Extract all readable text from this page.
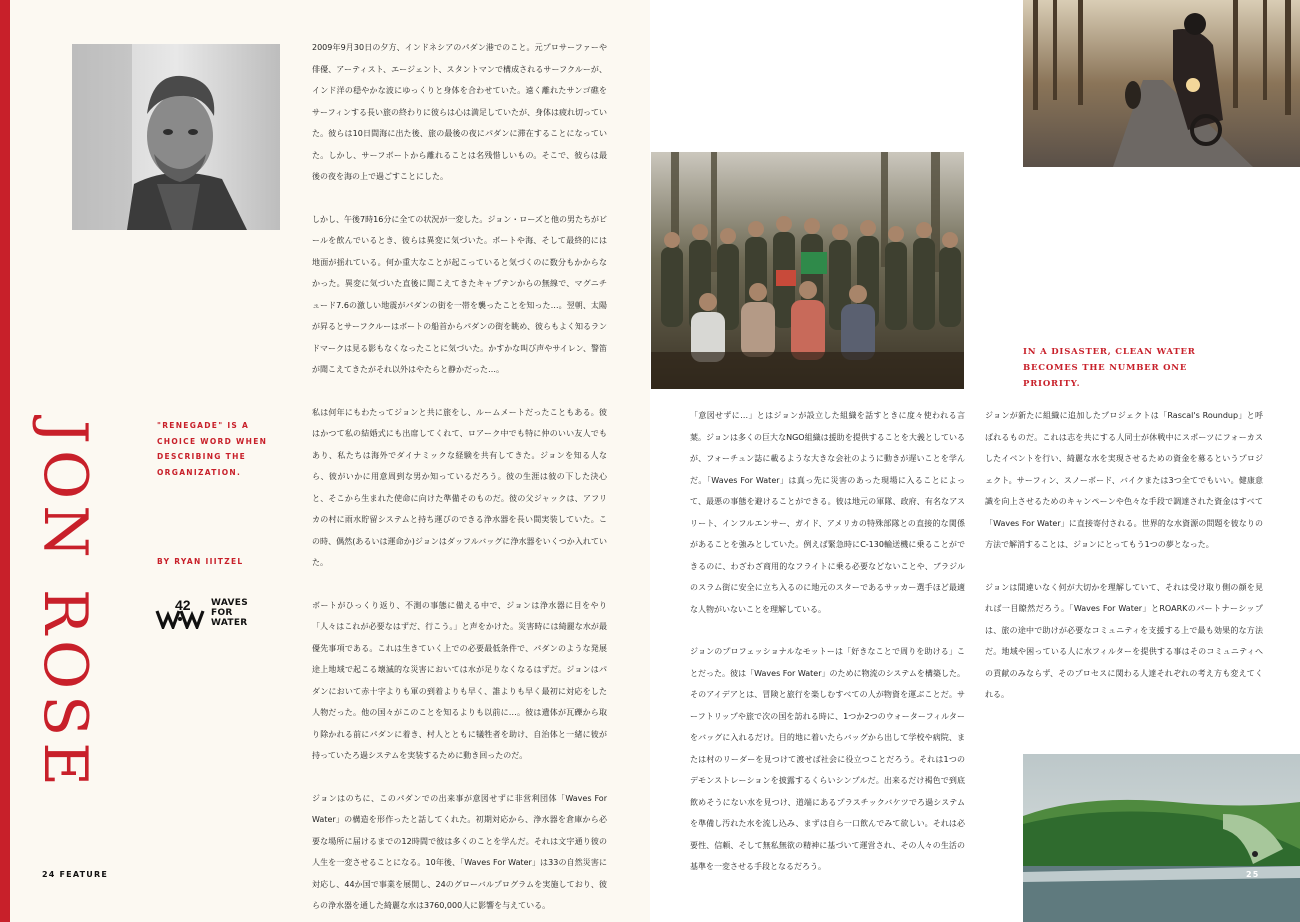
JON ROSE	"RENEGADE" IS A CHOICE WORD WHEN DESCRIBING THE ORGANIZATION.
BY RYAN IIITZEL
42 WAVES
FOR
WATER
24 FEATURE

2009年9月30日の夕方、インドネシアのパダン港でのこと。元プロサーファーや俳優、アーティスト、エージェント、スタントマンで構成されるサーフクルーが、インド洋の穏やかな波にゆっくりと身体を合わせていた。遠く離れたサンゴ礁をサーフィンする長い旅の終わりに彼らは心は満足していたが、身体は疲れ切っていた。彼らは10日間海に出た後、旅の最後の夜にパダンに滞在することになっていた。しかし、サーフボートから離れることは名残惜しいもの。そこで、彼らは最後の夜を海の上で過ごすことにした。

しかし、午後7時16分に全ての状況が一変した。ジョン・ローズと他の男たちがビールを飲んでいるとき、彼らは異変に気づいた。ボートや海、そして最終的には地面が揺れている。何か重大なことが起こっていると気づくのに数分もかからなかった。異変に気づいた直後に聞こえてきたキャプテンからの無線で、マグニチュード7.6の激しい地震がパダンの街を一帯を襲ったことを知った…。翌朝、太陽が昇るとサーフクルーはボートの船首からパダンの街を眺め、彼らもよく知るランドマークは見る影もなくなったことに気づいた。かすかな叫び声やサイレン、警笛が聞こえてきたがそれ以外はやたらと静かだった…。

私は何年にもわたってジョンと共に旅をし、ルームメートだったこともある。彼はかつて私の結婚式にも出席してくれて、ロアーク中でも特に仲のいい友人でもあり、私たちは海外でダイナミックな経験を共有してきた。ジョンを知る人なら、彼がいかに用意周到な男か知っているだろう。彼の生涯は彼の下した決心と、そこから生まれた使命に向けた準備そのものだ。彼の父ジャックは、アフリカの村に雨水貯留システムと持ち運びのできる浄水器を長い間実装していた。この時、偶然(あるいは運命か)ジョンはダッフルバッグに浄水器をいくつか入れていた。

ボートがひっくり返り、不測の事態に備える中で、ジョンは浄水器に目をやり「人々はこれが必要なはずだ、行こう。」と声をかけた。災害時には綺麗な水が最優先事項である。これは生きていく上での必要最低条件で、パダンのような発展途上地域で起こる壊滅的な災害においては水が足りなくなるはずだ。ジョンはパダンにおいて赤十字よりも軍の到着よりも早く、誰よりも早く最初に対応をした人物だった。他の国々がこのことを知るよりも以前に…。彼は遺体が瓦礫から取り除かれる前にパダンに着き、村人とともに犠牲者を助け、自治体と一緒に彼が持っていたろ過システムを実装するために動き回ったのだ。

ジョンはのちに、このパダンでの出来事が意図せずに非営利団体「Waves For Water」の構造を形作ったと話してくれた。初期対応から、浄水器を倉庫から必要な場所に届けるまでの12時間で彼は多くのことを学んだ。それは文字通り彼の人生を一変させることになる。10年後、「Waves For Water」は33の自然災害に対応し、44か国で事業を展開し、24のグローバルプログラムを実施しており、彼らの浄水器を通した綺麗な水は3760,000人に影響を与えている。

IN A DISASTER, CLEAN WATER BECOMES THE NUMBER ONE PRIORITY.

「意図せずに…」とはジョンが設立した組織を話すときに度々使われる言葉。ジョンは多くの巨大なNGO組織は援助を提供することを大義としているが、フォーチュン誌に載るような大きな会社のように動きが遅いことを学んだ。「Waves For Water」は真っ先に災害のあった現場に入ることによって、最悪の事態を避けることができる。彼は地元の軍隊、政府、有名なアスリート、インフルエンサー、ガイド、アメリカの特殊部隊との直接的な関係があることを強みとしていた。例えば緊急時にC-130輸送機に乗ることができるのに、わざわざ商用的なフライトに乗る必要などないことや、ブラジルのスラム街に安全に立ち入るのに地元のスターであるサッカー選手ほど最適な人物がいないことを理解している。

ジョンのプロフェッショナルなモットーは「好きなことで周りを助ける」ことだった。彼は「Waves For Water」のために物流のシステムを構築した。そのアイデアとは、冒険と旅行を楽しむすべての人が物資を運ぶことだ。サーフトリップや旅で次の国を訪れる時に、1つか2つのウォーターフィルターをバッグに入れるだけ。目的地に着いたらバッグから出して学校や病院、または村のリーダーを見つけて渡せば社会に役立つことだろう。それは1つのデモンストレーションを披露するくらいシンプルだ。出来るだけ褐色で到底飲めそうにない水を見つけ、道端にあるプラスチックバケツでろ過システムを準備し汚れた水を流し込み、まずは自ら一口飲んでみて欲しい。それは必要性、信頼、そして無私無欲の精神に基づいて運営され、その人々の生活の基準を一変させる手段となるだろう。

ジョンが新たに組織に追加したプロジェクトは「Rascal's Roundup」と呼ばれるものだ。これは志を共にする人同士が休戦中にスポーツにフォーカスしたイベントを行い、綺麗な水を実現させるための資金を募るというプロジェクト。サーフィン、スノーボード、バイクまたは3つ全てでもいい。健康意識を向上させるためのキャンペーンや色々な手段で調達された資金はすべて「Waves For Water」に直接寄付される。世界的な水資源の問題を彼なりの方法で解消することは、ジョンにとってもう1つの夢となった。

ジョンは間違いなく何が大切かを理解していて、それは受け取り側の顔を見れば一目瞭然だろう。「Waves For Water」とROARKのパートナーシップは、旅の途中で助けが必要なコミュニティを支援する上で最も効果的な方法だ。地域や困っている人に水フィルターを提供する事はそのコミュニティへの貢献のみならず、そのプロセスに関わる人達それぞれの考え方も変えてくれる。

25
